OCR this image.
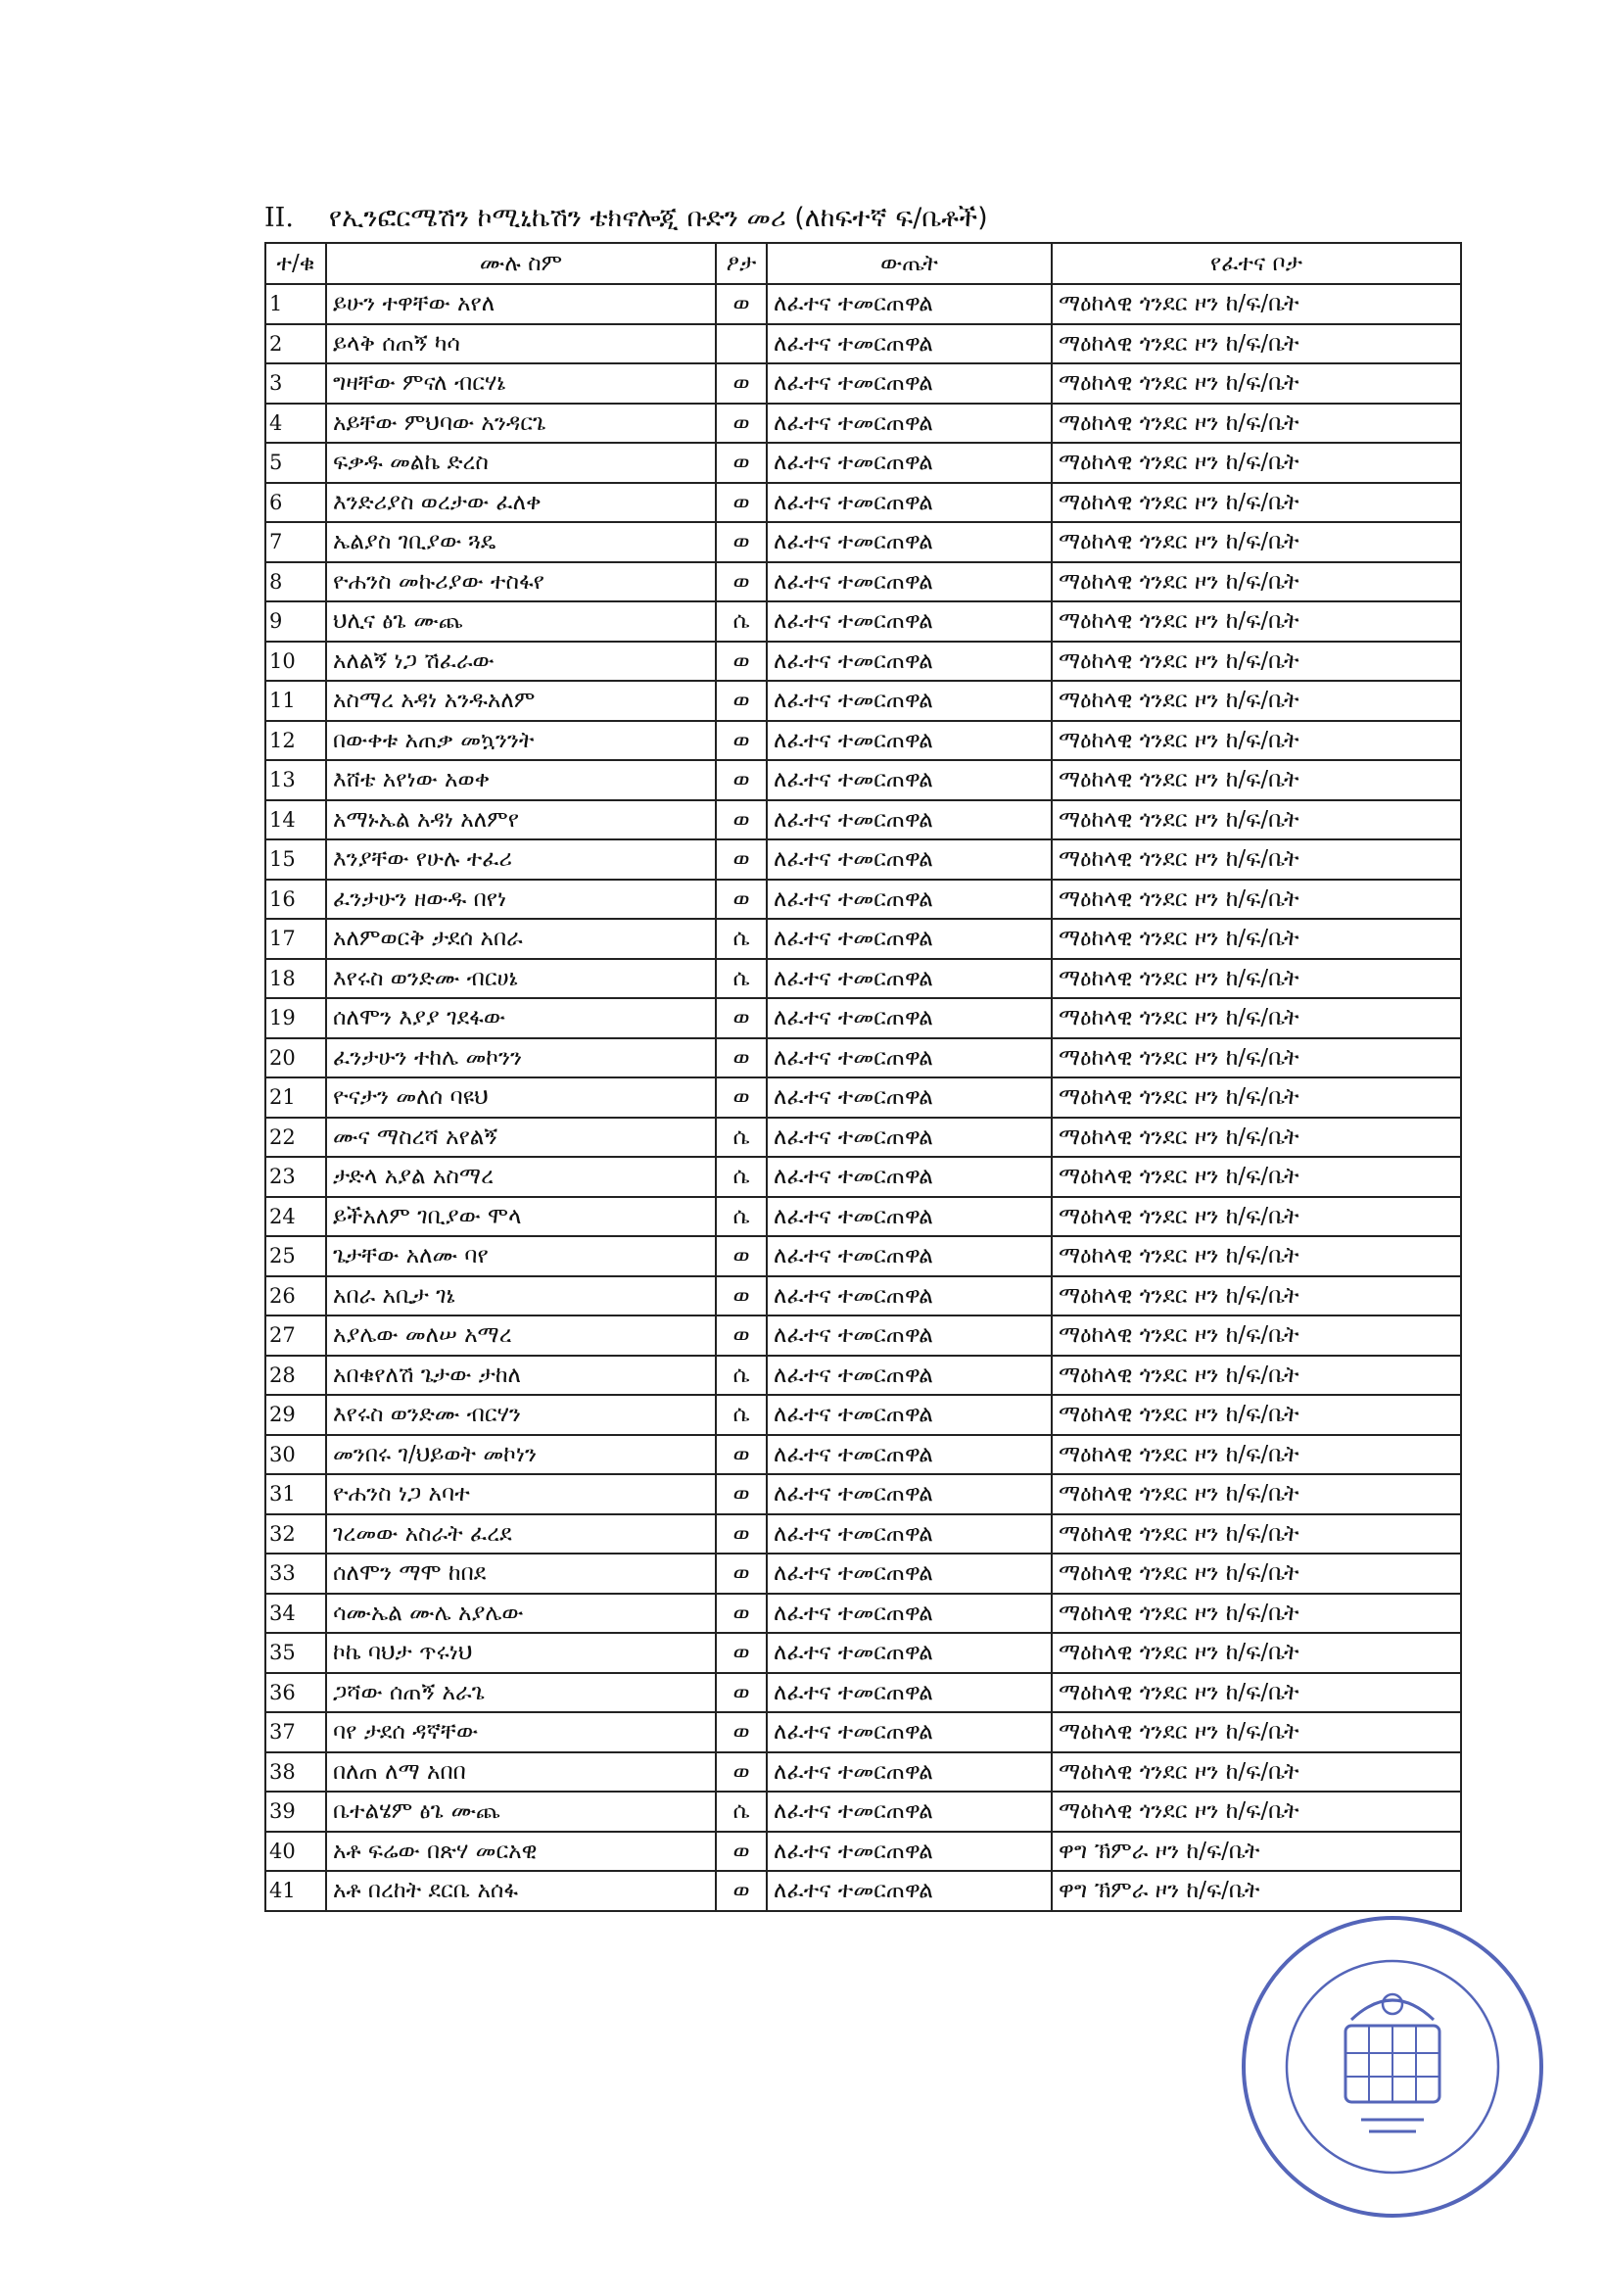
II. የኢንፎርሜሽን ኮሚኒኬሽን ቴክኖሎጂ ቡድን መሪ (ለከፍተኛ ፍ/ቤቶች)
ተ/ቁ	ሙሉ ስም	ፆታ	ውጤት	የፈተና ቦታ
1	ይሁን ተዋቸው አየለ	ወ	ለፈተና ተመርጠዋል	ማዕከላዊ ጎንደር ዞን ከ/ፍ/ቤት
2	ይላቅ ሰጠኝ ካሳ		ለፈተና ተመርጠዋል	ማዕከላዊ ጎንደር ዞን ከ/ፍ/ቤት
3	ግዛቸው ምናለ ብርሃኔ	ወ	ለፈተና ተመርጠዋል	ማዕከላዊ ጎንደር ዞን ከ/ፍ/ቤት
4	አይቸው ምህባው አንዳርጌ	ወ	ለፈተና ተመርጠዋል	ማዕከላዊ ጎንደር ዞን ከ/ፍ/ቤት
5	ፍቃዱ መልኬ ድረስ	ወ	ለፈተና ተመርጠዋል	ማዕከላዊ ጎንደር ዞን ከ/ፍ/ቤት
6	እንድሪያስ ወረታው ፈለቀ	ወ	ለፈተና ተመርጠዋል	ማዕከላዊ ጎንደር ዞን ከ/ፍ/ቤት
7	ኤልያስ ገቢያው ጓዴ	ወ	ለፈተና ተመርጠዋል	ማዕከላዊ ጎንደር ዞን ከ/ፍ/ቤት
8	ዮሐንስ መኩሪያው ተስፋየ	ወ	ለፈተና ተመርጠዋል	ማዕከላዊ ጎንደር ዞን ከ/ፍ/ቤት
9	ህሊና ፅጌ ሙጨ	ሴ	ለፈተና ተመርጠዋል	ማዕከላዊ ጎንደር ዞን ከ/ፍ/ቤት
10	አለልኝ ነጋ ሽፈራው	ወ	ለፈተና ተመርጠዋል	ማዕከላዊ ጎንደር ዞን ከ/ፍ/ቤት
11	አስማረ አዳነ አንዱአለም	ወ	ለፈተና ተመርጠዋል	ማዕከላዊ ጎንደር ዞን ከ/ፍ/ቤት
12	በውቀቱ አጠቃ መኳንንት	ወ	ለፈተና ተመርጠዋል	ማዕከላዊ ጎንደር ዞን ከ/ፍ/ቤት
13	እሸቴ አየነው አወቀ	ወ	ለፈተና ተመርጠዋል	ማዕከላዊ ጎንደር ዞን ከ/ፍ/ቤት
14	አማኑኤል አዳነ አለምየ	ወ	ለፈተና ተመርጠዋል	ማዕከላዊ ጎንደር ዞን ከ/ፍ/ቤት
15	እንያቸው የሁሉ ተፈሪ	ወ	ለፈተና ተመርጠዋል	ማዕከላዊ ጎንደር ዞን ከ/ፍ/ቤት
16	ፈንታሁን ዘውዱ በየነ	ወ	ለፈተና ተመርጠዋል	ማዕከላዊ ጎንደር ዞን ከ/ፍ/ቤት
17	አለምወርቅ ታደሰ አበራ	ሴ	ለፈተና ተመርጠዋል	ማዕከላዊ ጎንደር ዞን ከ/ፍ/ቤት
18	እየሩስ ወንድሙ ብርሀኔ	ሴ	ለፈተና ተመርጠዋል	ማዕከላዊ ጎንደር ዞን ከ/ፍ/ቤት
19	ሰለሞን እያያ ገደፋው	ወ	ለፈተና ተመርጠዋል	ማዕከላዊ ጎንደር ዞን ከ/ፍ/ቤት
20	ፈንታሁን ተከሌ መኮንን	ወ	ለፈተና ተመርጠዋል	ማዕከላዊ ጎንደር ዞን ከ/ፍ/ቤት
21	ዮናታን መለሰ ባዩህ	ወ	ለፈተና ተመርጠዋል	ማዕከላዊ ጎንደር ዞን ከ/ፍ/ቤት
22	ሙና ማስረሻ አየልኝ	ሴ	ለፈተና ተመርጠዋል	ማዕከላዊ ጎንደር ዞን ከ/ፍ/ቤት
23	ታድላ አያል አስማረ	ሴ	ለፈተና ተመርጠዋል	ማዕከላዊ ጎንደር ዞን ከ/ፍ/ቤት
24	ይችአለም ገቢያው ሞላ	ሴ	ለፈተና ተመርጠዋል	ማዕከላዊ ጎንደር ዞን ከ/ፍ/ቤት
25	ጌታቸው አለሙ ባየ	ወ	ለፈተና ተመርጠዋል	ማዕከላዊ ጎንደር ዞን ከ/ፍ/ቤት
26	አበራ አቢታ ገኔ	ወ	ለፈተና ተመርጠዋል	ማዕከላዊ ጎንደር ዞን ከ/ፍ/ቤት
27	አያሌው መለሠ አማረ	ወ	ለፈተና ተመርጠዋል	ማዕከላዊ ጎንደር ዞን ከ/ፍ/ቤት
28	አበቁየለሽ ጌታው ታከለ	ሴ	ለፈተና ተመርጠዋል	ማዕከላዊ ጎንደር ዞን ከ/ፍ/ቤት
29	እየሩስ ወንድሙ ብርሃን	ሴ	ለፈተና ተመርጠዋል	ማዕከላዊ ጎንደር ዞን ከ/ፍ/ቤት
30	መንበሩ ገ/ህይወት መኮነን	ወ	ለፈተና ተመርጠዋል	ማዕከላዊ ጎንደር ዞን ከ/ፍ/ቤት
31	ዮሐንስ ነጋ አባተ	ወ	ለፈተና ተመርጠዋል	ማዕከላዊ ጎንደር ዞን ከ/ፍ/ቤት
32	ገረመው አስራት ፈረደ	ወ	ለፈተና ተመርጠዋል	ማዕከላዊ ጎንደር ዞን ከ/ፍ/ቤት
33	ሰለሞን ማሞ ከበደ	ወ	ለፈተና ተመርጠዋል	ማዕከላዊ ጎንደር ዞን ከ/ፍ/ቤት
34	ሳሙኤል ሙሌ አያሌው	ወ	ለፈተና ተመርጠዋል	ማዕከላዊ ጎንደር ዞን ከ/ፍ/ቤት
35	ኮኬ ባህታ ጥሩነህ	ወ	ለፈተና ተመርጠዋል	ማዕከላዊ ጎንደር ዞን ከ/ፍ/ቤት
36	ጋሻው ሰጠኝ አራጌ	ወ	ለፈተና ተመርጠዋል	ማዕከላዊ ጎንደር ዞን ከ/ፍ/ቤት
37	ባየ ታደሰ ዳኛቸው	ወ	ለፈተና ተመርጠዋል	ማዕከላዊ ጎንደር ዞን ከ/ፍ/ቤት
38	በለጠ ለማ አበበ	ወ	ለፈተና ተመርጠዋል	ማዕከላዊ ጎንደር ዞን ከ/ፍ/ቤት
39	ቤተልሄም ፅጌ ሙጨ	ሴ	ለፈተና ተመርጠዋል	ማዕከላዊ ጎንደር ዞን ከ/ፍ/ቤት
40	አቶ ፍሬው በጽሃ መርአዊ	ወ	ለፈተና ተመርጠዋል	ዋግ ኽምራ ዞን ከ/ፍ/ቤት
41	አቶ በረከት ደርቤ አሰፋ	ወ	ለፈተና ተመርጠዋል	ዋግ ኽምራ ዞን ከ/ፍ/ቤት
